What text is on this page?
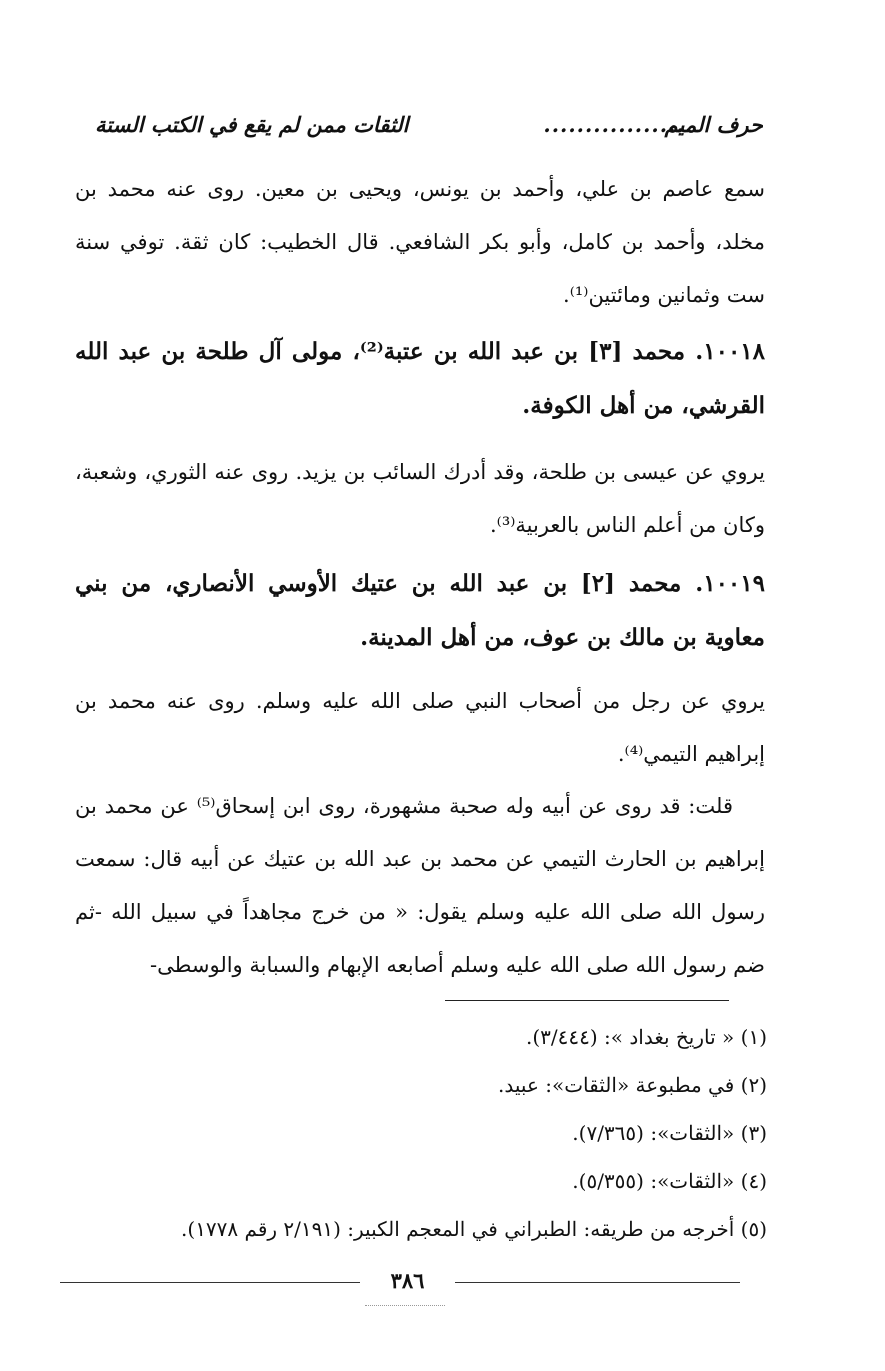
حرف الميم
..................
الثقات ممن لم يقع في الكتب الستة
سمع عاصم بن علي، وأحمد بن يونس، ويحيى بن معين. روى عنه محمد بن مخلد، وأحمد بن كامل، وأبو بكر الشافعي. قال الخطيب: كان ثقة. توفي سنة ست وثمانين ومائتين⁽¹⁾.
١٠٠١٨. محمد [٣] بن عبد الله بن عتبة⁽²⁾، مولى آل طلحة بن عبد الله القرشي، من أهل الكوفة.
يروي عن عيسى بن طلحة، وقد أدرك السائب بن يزيد. روى عنه الثوري، وشعبة، وكان من أعلم الناس بالعربية⁽³⁾.
١٠٠١٩. محمد [٢] بن عبد الله بن عتيك الأوسي الأنصاري، من بني معاوية بن مالك بن عوف، من أهل المدينة.
يروي عن رجل من أصحاب النبي صلى الله عليه وسلم. روى عنه محمد بن إبراهيم التيمي⁽⁴⁾.
قلت: قد روى عن أبيه وله صحبة مشهورة، روى ابن إسحاق⁽⁵⁾ عن محمد بن إبراهيم بن الحارث التيمي عن محمد بن عبد الله بن عتيك عن أبيه قال: سمعت رسول الله صلى الله عليه وسلم يقول: « من خرج مجاهداً في سبيل الله -ثم ضم رسول الله صلى الله عليه وسلم أصابعه الإبهام والسبابة والوسطى-
(١) « تاريخ بغداد »: (٣/٤٤٤).
(٢) في مطبوعة «الثقات»: عبيد.
(٣) «الثقات»: (٧/٣٦٥).
(٤) «الثقات»: (٥/٣٥٥).
(٥) أخرجه من طريقه: الطبراني في المعجم الكبير: (٢/١٩١ رقم ١٧٧٨).
٣٨٦
